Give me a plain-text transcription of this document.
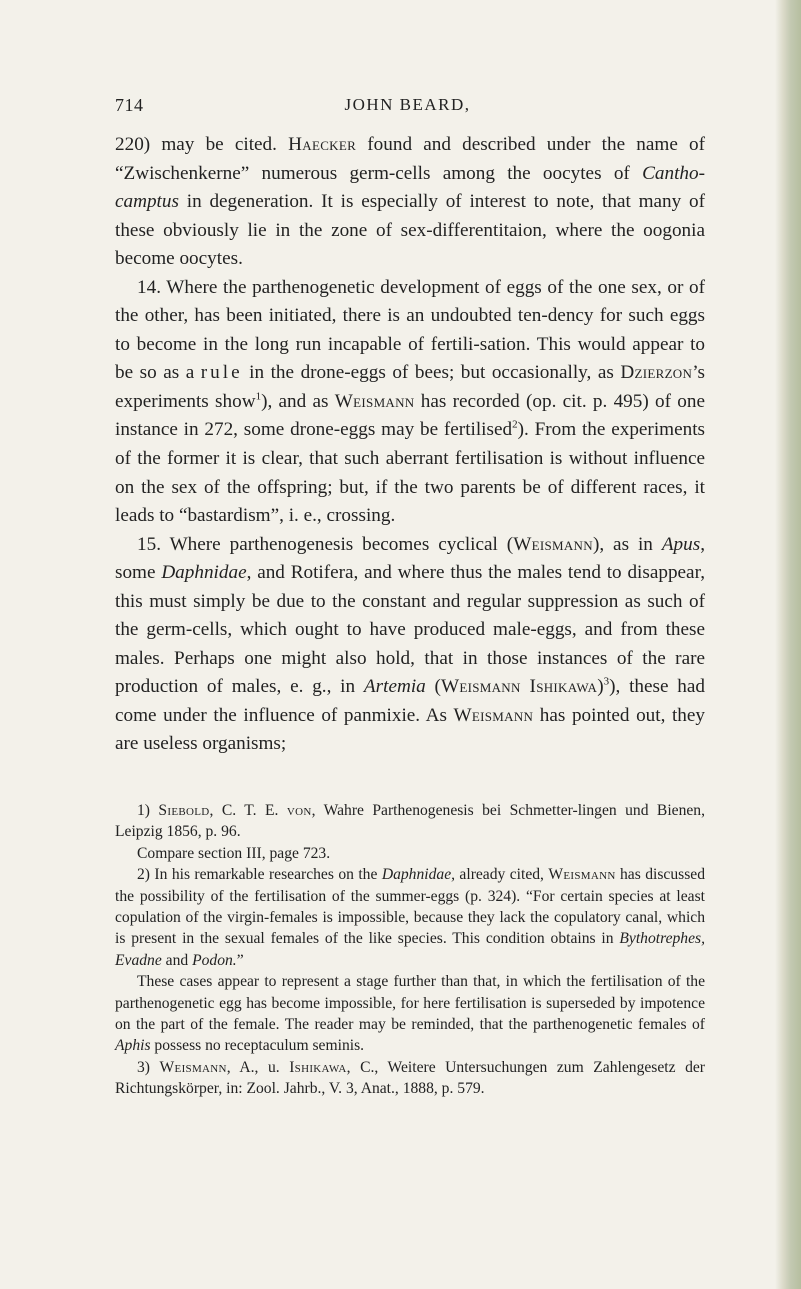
714	JOHN BEARD,

220) may be cited. Haecker found and described under the name of “Zwischenkerne” numerous germ-cells among the oocytes of Cantho-camptus in degeneration. It is especially of interest to note, that many of these obviously lie in the zone of sex-differentitaion, where the oogonia become oocytes.

14. Where the parthenogenetic development of eggs of the one sex, or of the other, has been initiated, there is an undoubted ten-dency for such eggs to become in the long run incapable of fertili-sation. This would appear to be so as a rule in the drone-eggs of bees; but occasionally, as Dzierzon’s experiments show$^1$), and as Weismann has recorded (op. cit. p. 495) of one instance in 272, some drone-eggs may be fertilised$^2$). From the experiments of the former it is clear, that such aberrant fertilisation is without influence on the sex of the offspring; but, if the two parents be of different races, it leads to “bastardism”, i. e., crossing.

15. Where parthenogenesis becomes cyclical (Weismann), as in Apus, some Daphnidae, and Rotifera, and where thus the males tend to disappear, this must simply be due to the constant and regular suppression as such of the germ-cells, which ought to have produced male-eggs, and from these males. Perhaps one might also hold, that in those instances of the rare production of males, e. g., in Artemia (Weismann Ishikawa)$^3$), these had come under the influence of panmixie. As Weismann has pointed out, they are useless organisms;

1) Siebold, C. T. E. von, Wahre Parthenogenesis bei Schmetter-lingen und Bienen, Leipzig 1856, p. 96.

Compare section III, page 723.

2) In his remarkable researches on the Daphnidae, already cited, Weismann has discussed the possibility of the fertilisation of the summer-eggs (p. 324). “For certain species at least copulation of the virgin-females is impossible, because they lack the copulatory canal, which is present in the sexual females of the like species. This condition obtains in Bythotrephes, Evadne and Podon.”

These cases appear to represent a stage further than that, in which the fertilisation of the parthenogenetic egg has become impossible, for here fertilisation is superseded by impotence on the part of the female. The reader may be reminded, that the parthenogenetic females of Aphis possess no receptaculum seminis.

3) Weismann, A., u. Ishikawa, C., Weitere Untersuchungen zum Zahlengesetz der Richtungskörper, in: Zool. Jahrb., V. 3, Anat., 1888, p. 579.
